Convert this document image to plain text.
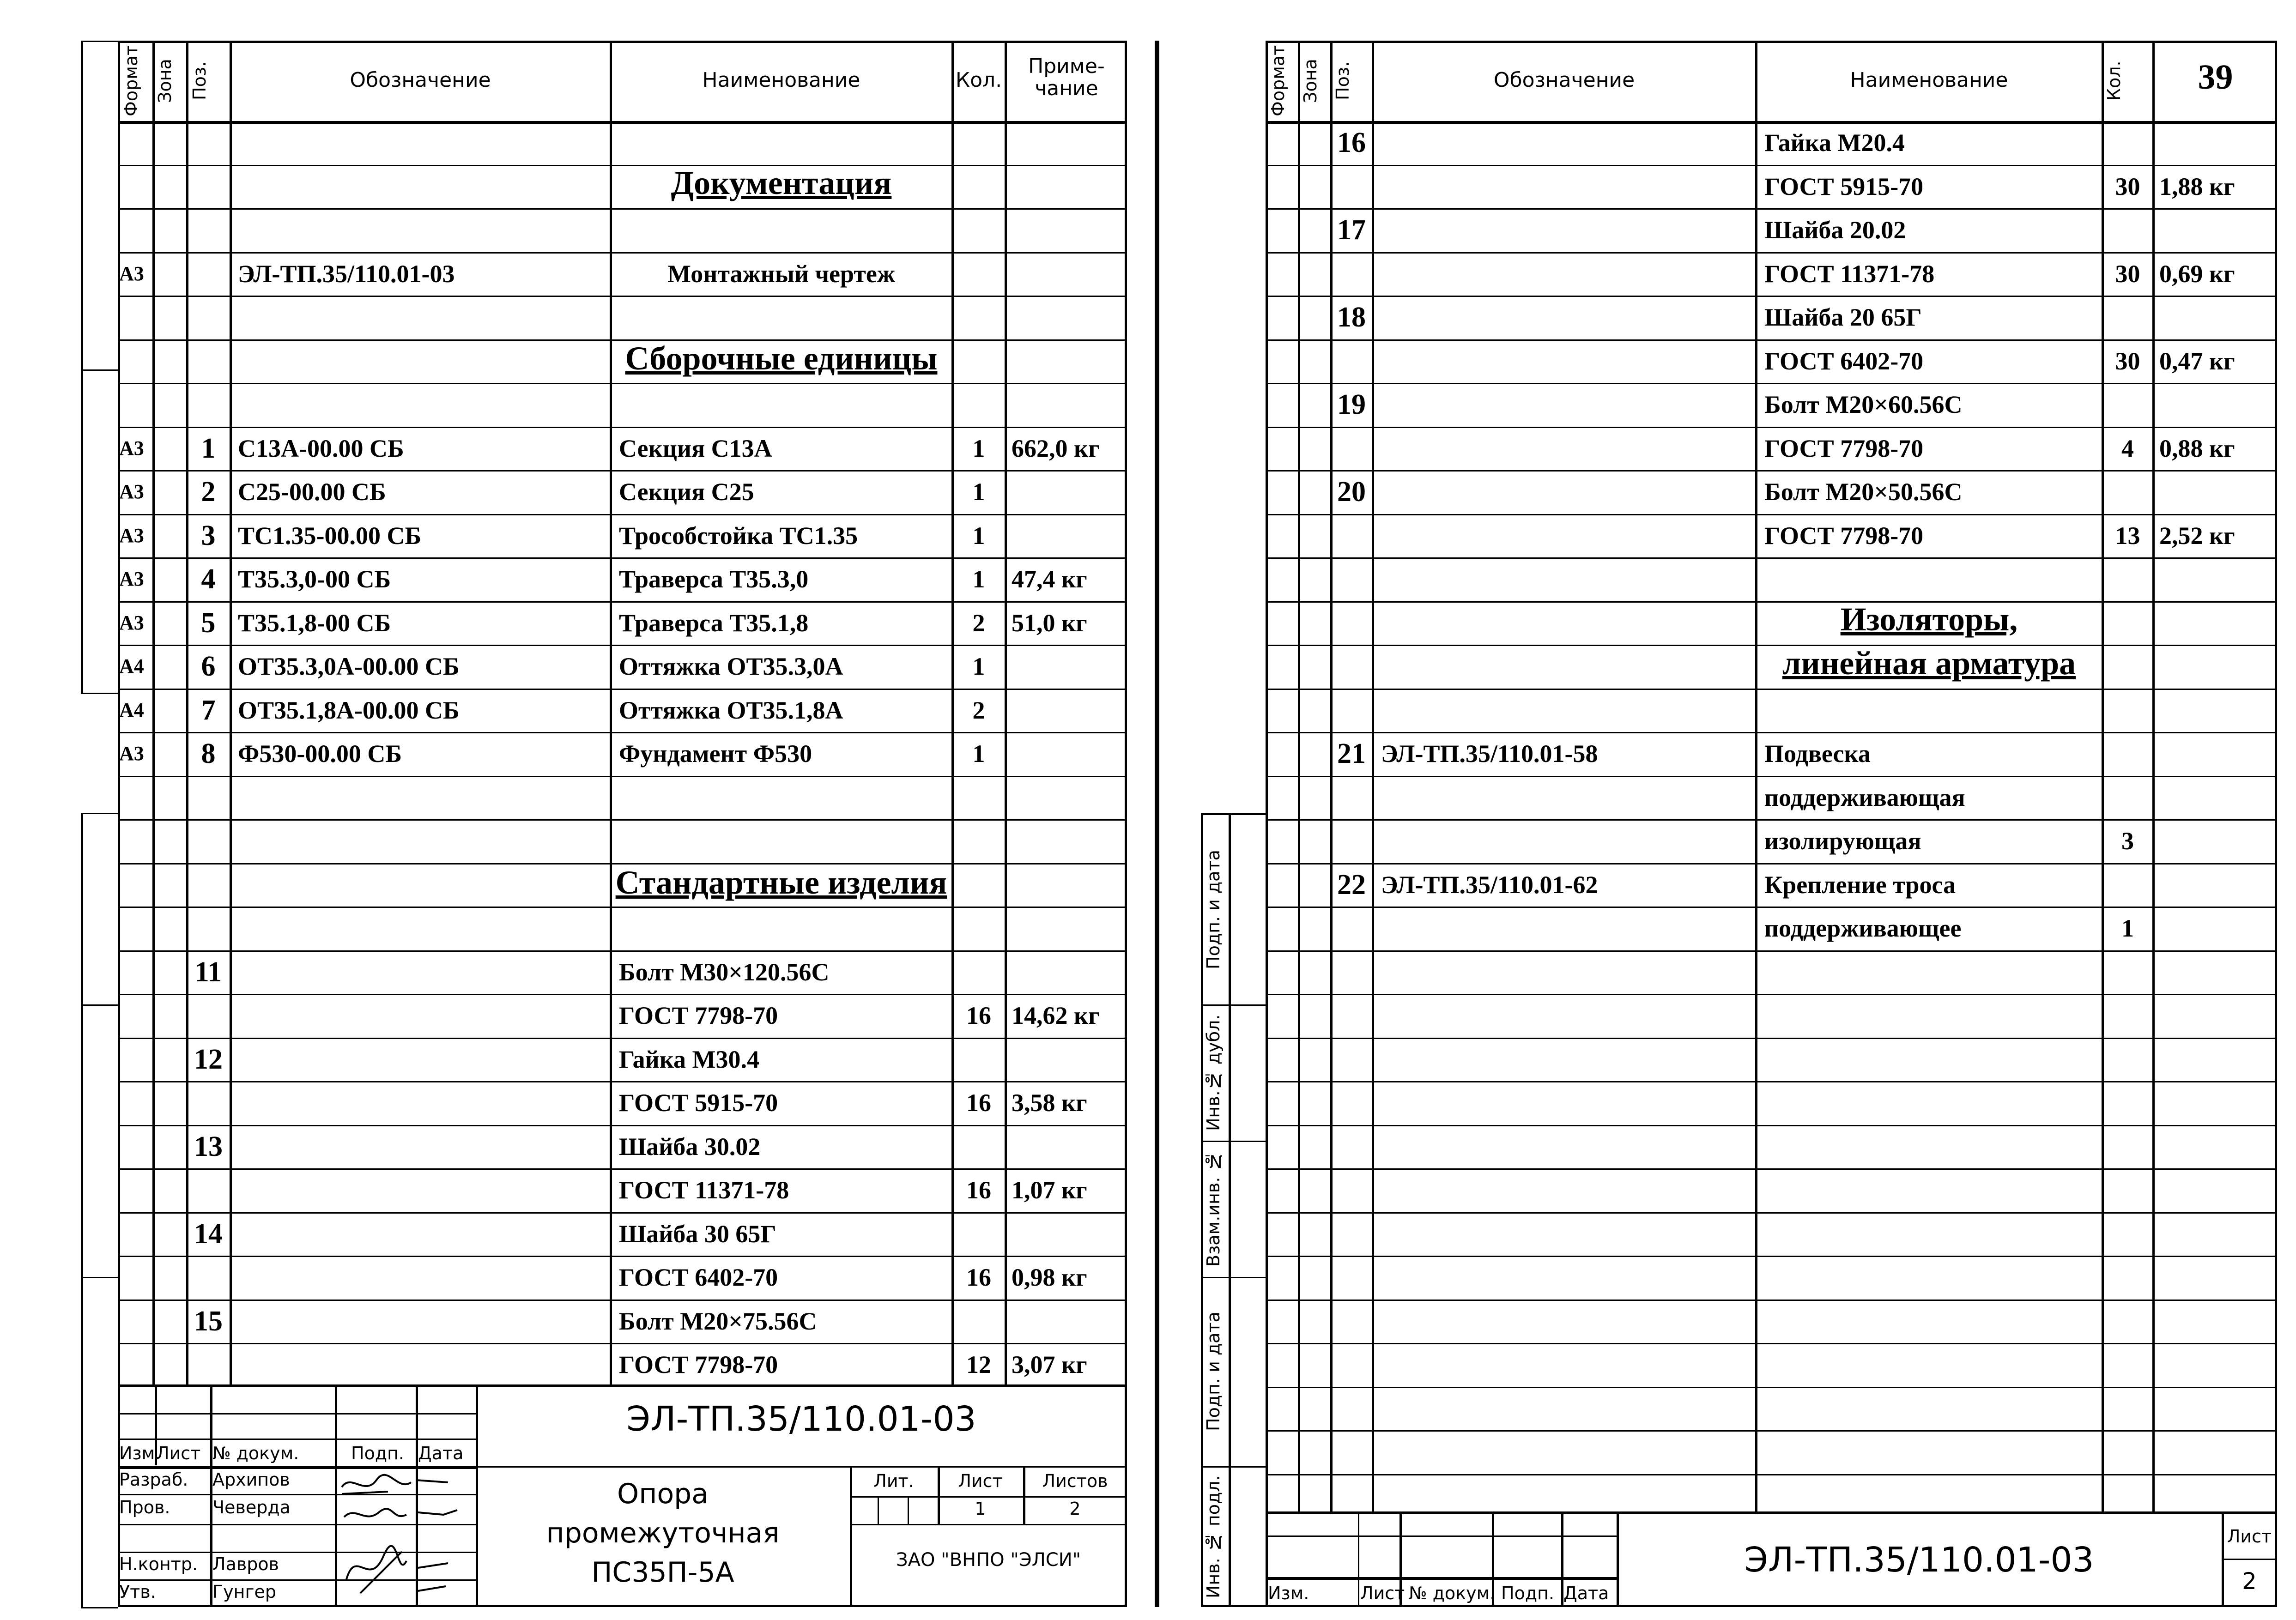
Формат Зона Поз.	Обозначение	Наименование	Кол.
Приме-
чание
Документация
Сборочные единицы
Стандартные изделия
А3	ЭЛ-ТП.35/110.01-03	Монтажный чертеж
А3	1 С13А-00.00 СБ	Секция С13А	1	662,0 кг
А3	2 С25-00.00 СБ	Секция С25	1
А3	3 ТС1.35-00.00 СБ	Трособстойка ТС1.35	1
А3	4 Т35.3,0-00 СБ	Траверса Т35.3,0	1	47,4 кг
А3	5 Т35.1,8-00 СБ	Траверса Т35.1,8	2	51,0 кг
А4	6 ОТ35.3,0А-00.00 СБ	Оттяжка ОТ35.3,0А	1
А4	7 ОТ35.1,8А-00.00 СБ	Оттяжка ОТ35.1,8А	2
А3	8 Ф530-00.00 СБ	Фундамент Ф530	1
11	Болт М30×120.56С
ГОСТ 7798-70	16 14,62 кг
12	Гайка М30.4
ГОСТ 5915-70	16 3,58 кг
13	Шайба 30.02
ГОСТ 11371-78	16 1,07 кг
14	Шайба 30 65Г
ГОСТ 6402-70	16 0,98 кг
15	Болт М20×75.56С
ГОСТ 7798-70	12 3,07 кг
Изм.
Лист № докум.	Подп. Дата
Разраб. Архипов
Пров. Чеверда
Н.контр. Лавров
Утв.	Гунгер
ЭЛ-ТП.35/110.01-03
Опора
промежуточная
ПС35П-5А
Лит.	Лист	Листов
1	2
ЗАО "ВНПО "ЭЛСИ"
Подп. и дата
Инв.№ дубл.
Взам.инв. №
Подп. и дата
Инв. № подл.
Формат Зона Поз.	Обозначение	Наименование	Кол.	39
Изоляторы,
линейная арматура
16	Гайка М20.4
ГОСТ 5915-70	30 1,88 кг
17	Шайба 20.02
ГОСТ 11371-78	30 0,69 кг
18	Шайба 20 65Г
ГОСТ 6402-70	30 0,47 кг
19	Болт М20×60.56С
ГОСТ 7798-70	4	0,88 кг
20	Болт М20×50.56С
ГОСТ 7798-70	13 2,52 кг
21 ЭЛ-ТП.35/110.01-58	Подвеска
поддерживающая
изолирующая	3
22 ЭЛ-ТП.35/110.01-62	Крепление троса
поддерживающее	1
Изм.	Лист № докум. Подп. Дата
ЭЛ-ТП.35/110.01-03
Лист
2
